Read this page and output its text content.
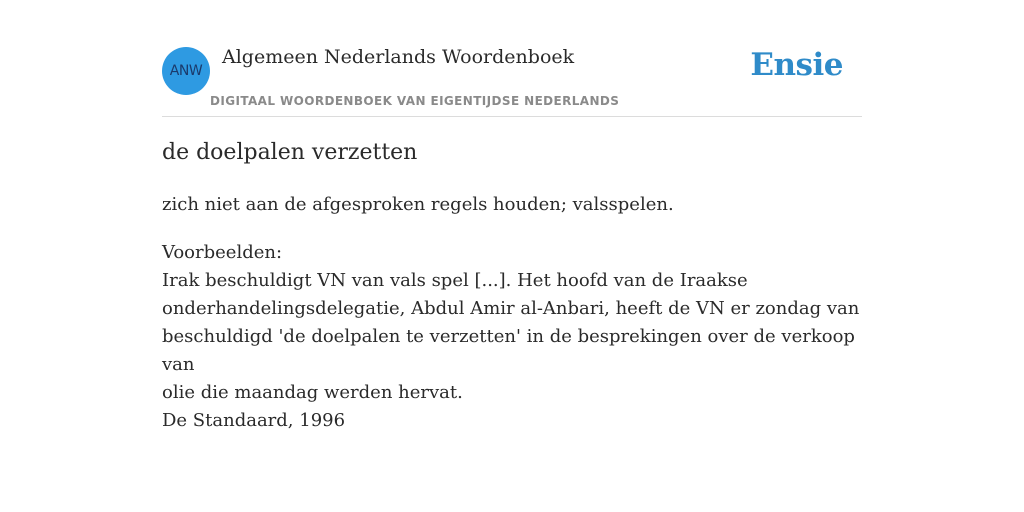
ANW
Algemeen Nederlands Woordenboek
DIGITAAL WOORDENBOEK VAN EIGENTIJDSE NEDERLANDS
Ensie
de doelpalen verzetten

zich niet aan de afgesproken regels houden; valsspelen.

Voorbeelden:
Irak beschuldigt VN van vals spel [...]. Het hoofd van de Iraakse
onderhandelingsdelegatie, Abdul Amir al-Anbari, heeft de VN er zondag van
beschuldigd 'de doelpalen te verzetten' in de besprekingen over de verkoop van
olie die maandag werden hervat.
De Standaard, 1996
